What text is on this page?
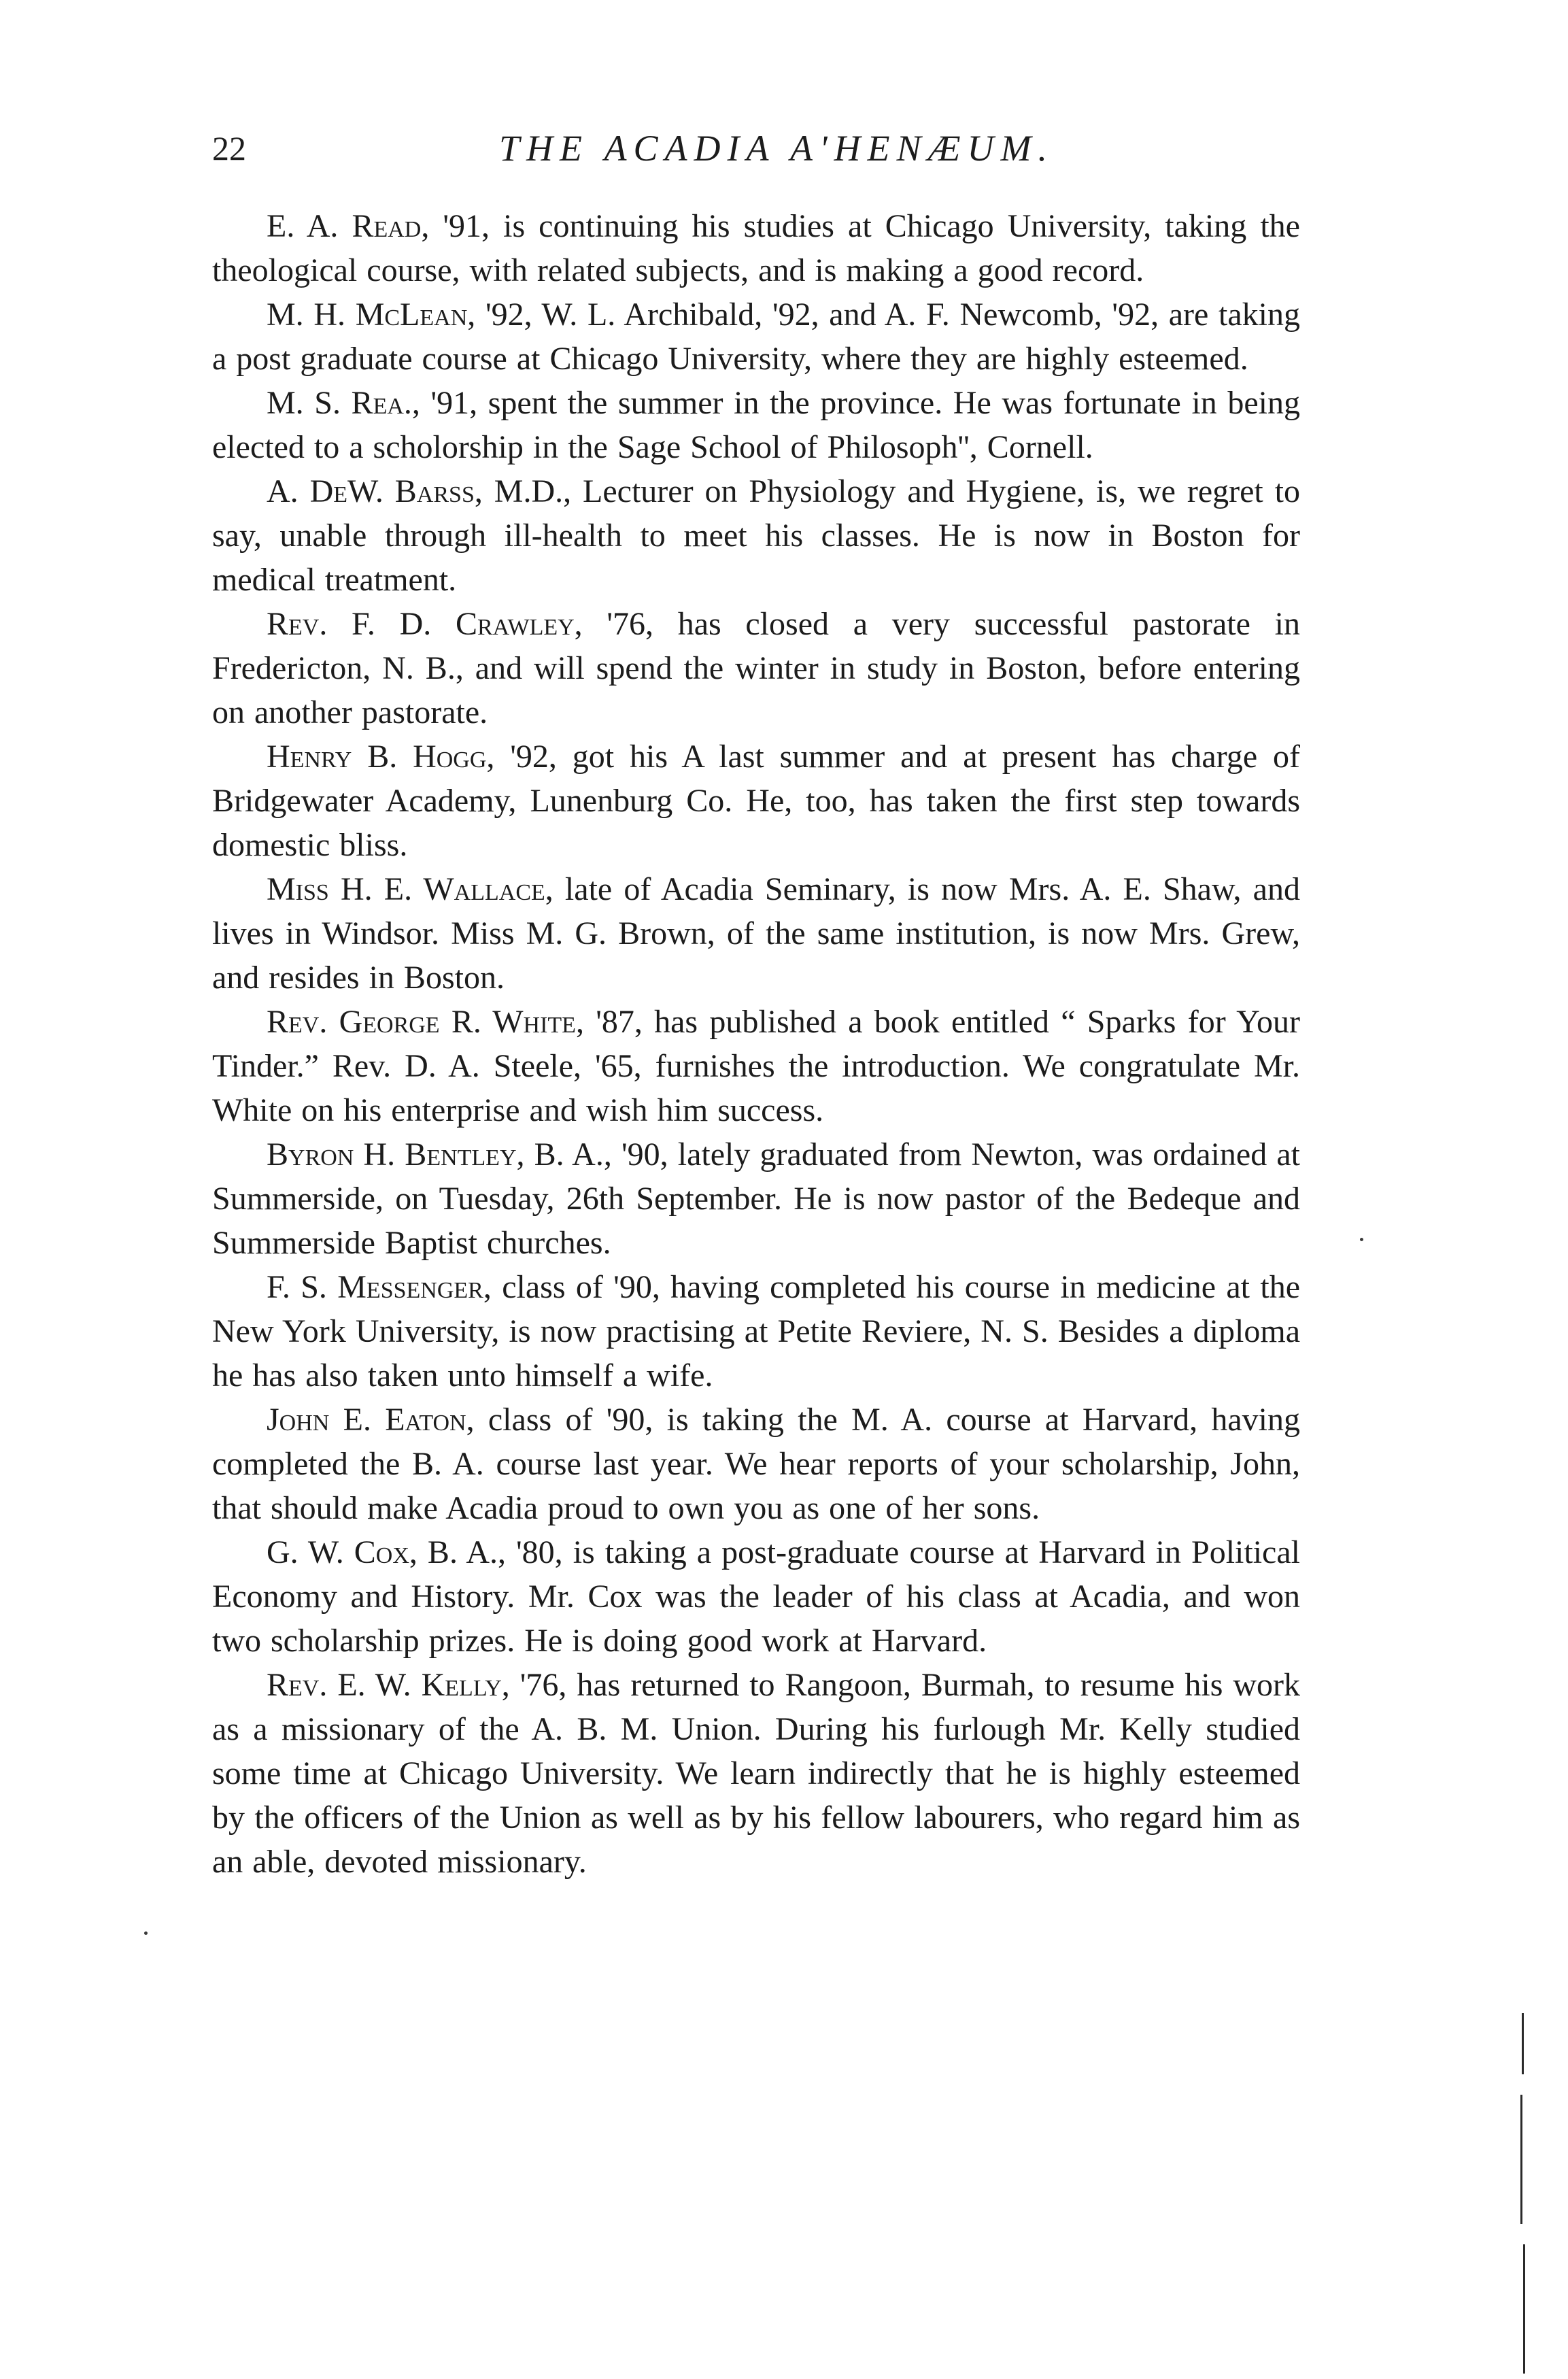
22	THE ACADIA A'HENÆUM.

E. A. Read, '91, is continuing his studies at Chicago University, taking the theological course, with related subjects, and is making a good record.

M. H. McLean, '92, W. L. Archibald, '92, and A. F. Newcomb, '92, are taking a post graduate course at Chicago University, where they are highly esteemed.

M. S. Rea., '91, spent the summer in the province. He was fortunate in being elected to a scholorship in the Sage School of Philosoph'', Cornell.

A. DeW. Barss, M.D., Lecturer on Physiology and Hygiene, is, we regret to say, unable through ill-health to meet his classes. He is now in Boston for medical treatment.

Rev. F. D. Crawley, '76, has closed a very successful pastorate in Fredericton, N. B., and will spend the winter in study in Boston, before entering on another pastorate.

Henry B. Hogg, '92, got his A last summer and at present has charge of Bridgewater Academy, Lunenburg Co. He, too, has taken the first step towards domestic bliss.

Miss H. E. Wallace, late of Acadia Seminary, is now Mrs. A. E. Shaw, and lives in Windsor. Miss M. G. Brown, of the same institution, is now Mrs. Grew, and resides in Boston.

Rev. George R. White, '87, has published a book entitled “ Sparks for Your Tinder.” Rev. D. A. Steele, '65, furnishes the introduction. We congratulate Mr. White on his enterprise and wish him success.

Byron H. Bentley, B. A., '90, lately graduated from Newton, was ordained at Summerside, on Tuesday, 26th September. He is now pastor of the Bedeque and Summerside Baptist churches.

F. S. Messenger, class of '90, having completed his course in medicine at the New York University, is now practising at Petite Reviere, N. S. Besides a diploma he has also taken unto himself a wife.

John E. Eaton, class of '90, is taking the M. A. course at Harvard, having completed the B. A. course last year. We hear reports of your scholarship, John, that should make Acadia proud to own you as one of her sons.

G. W. Cox, B. A., '80, is taking a post-graduate course at Harvard in Political Economy and History. Mr. Cox was the leader of his class at Acadia, and won two scholarship prizes. He is doing good work at Harvard.

Rev. E. W. Kelly, '76, has returned to Rangoon, Burmah, to resume his work as a missionary of the A. B. M. Union. During his furlough Mr. Kelly studied some time at Chicago University. We learn indirectly that he is highly esteemed by the officers of the Union as well as by his fellow labourers, who regard him as an able, devoted missionary.
